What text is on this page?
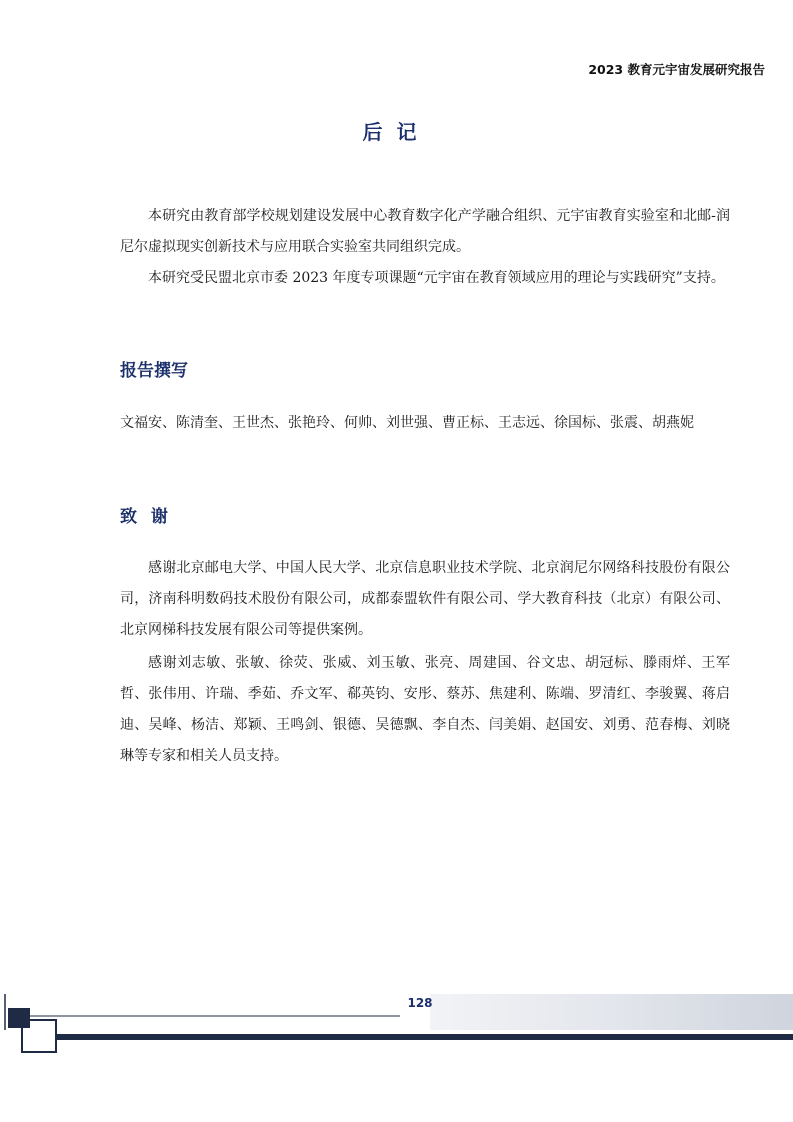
2023 教育元宇宙发展研究报告
后记

本研究由教育部学校规划建设发展中心教育数字化产学融合组织、元宇宙教育实验室和北邮-润尼尔虚拟现实创新技术与应用联合实验室共同组织完成。

本研究受民盟北京市委 2023 年度专项课题“元宇宙在教育领域应用的理论与实践研究”支持。

报告撰写
文福安、陈清奎、王世杰、张艳玲、何帅、刘世强、曹正标、王志远、徐国标、张震、胡燕妮
致 谢

感谢北京邮电大学、中国人民大学、北京信息职业技术学院、北京润尼尔网络科技股份有限公司，济南科明数码技术股份有限公司，成都泰盟软件有限公司、学大教育科技（北京）有限公司、北京网梯科技发展有限公司等提供案例。

感谢刘志敏、张敏、徐荧、张威、刘玉敏、张亮、周建国、谷文忠、胡冠标、滕雨烊、王军哲、张伟用、许瑞、季茹、乔文军、郗英钧、安彤、蔡苏、焦建利、陈端、罗清红、李骏翼、蒋启迪、吴峰、杨洁、郑颖、王鸣剑、银德、吴德飘、李自杰、闫美娟、赵国安、刘勇、范春梅、刘晓琳等专家和相关人员支持。

128
